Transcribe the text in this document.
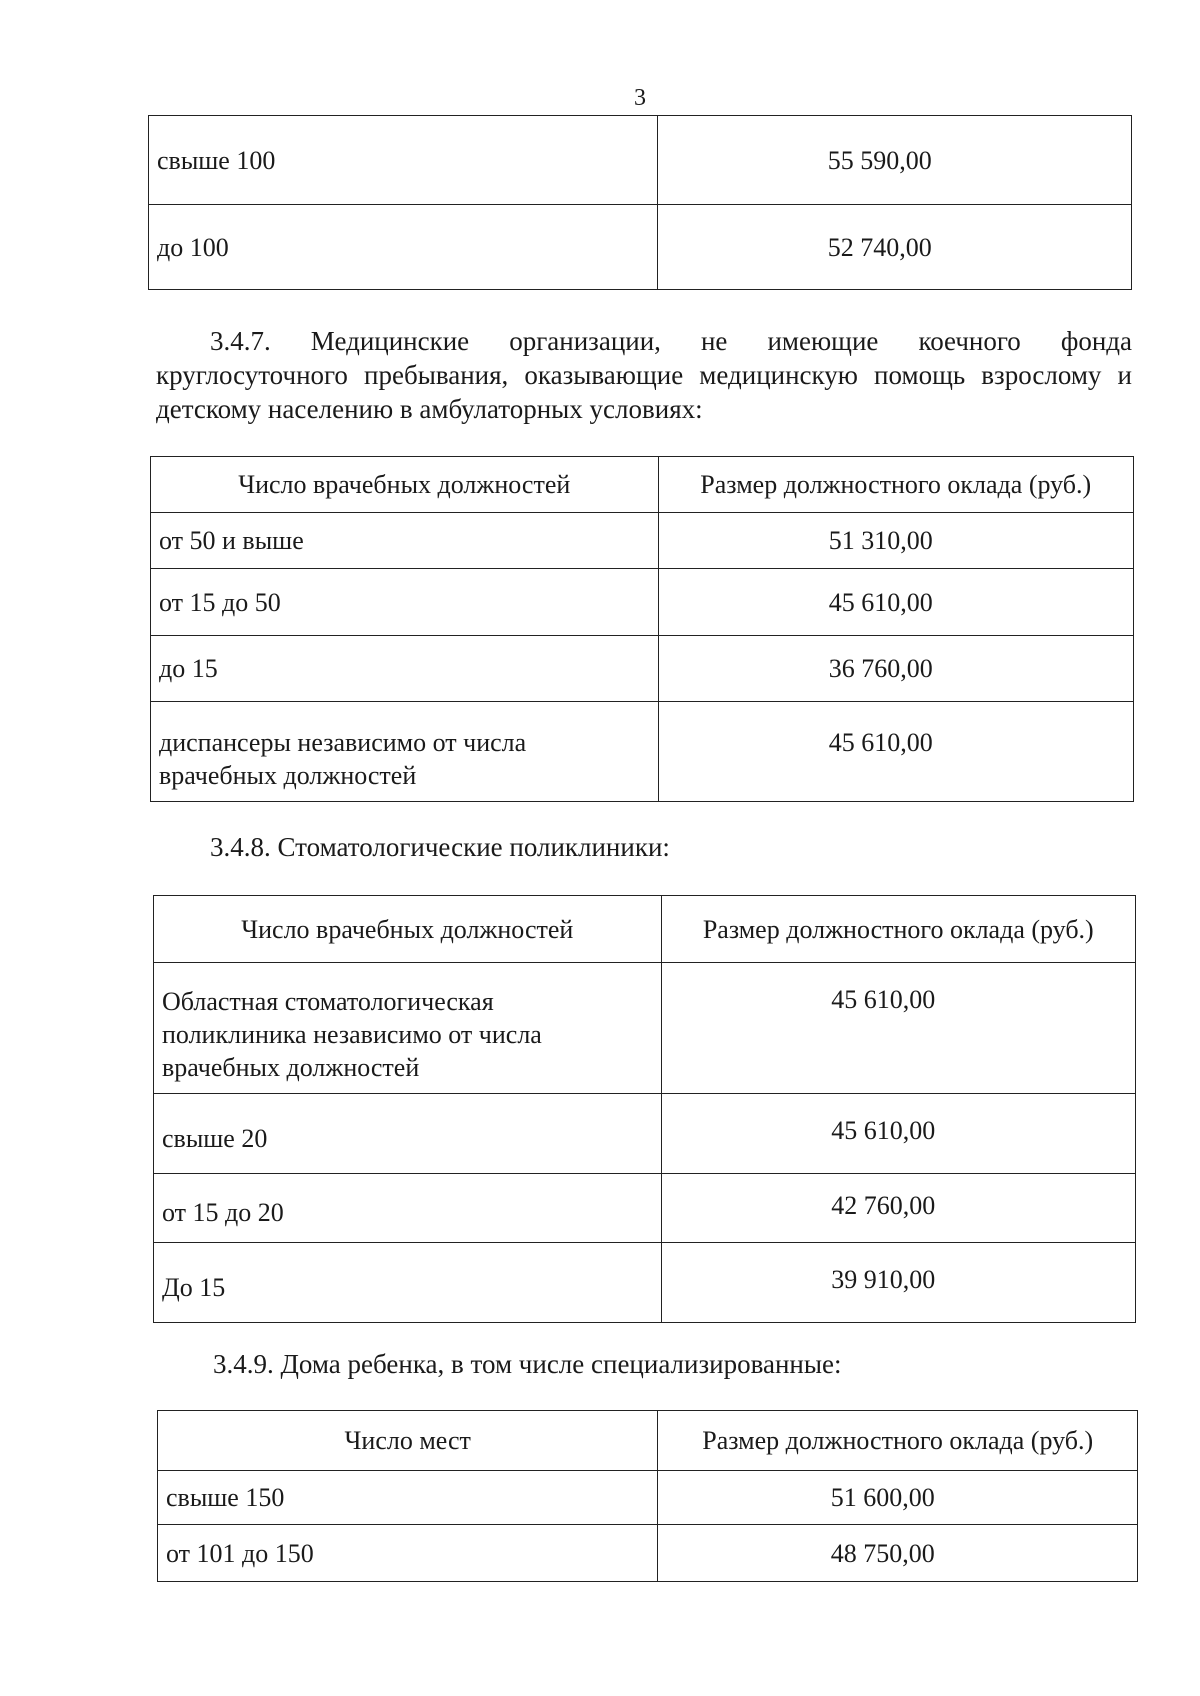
3
свыше 100	55 590,00
до 100	52 740,00
3.4.7. Медицинские организации, не имеющие коечного фонда
круглосуточного пребывания, оказывающие медицинскую помощь взрослому и детскому населению в амбулаторных условиях:
Число врачебных должностей	Размер должностного оклада (руб.)
от 50 и выше	51 310,00
от 15 до 50	45 610,00
до 15	36 760,00
диспансеры независимо от числа врачебных должностей	45 610,00
3.4.8. Стоматологические поликлиники:
Число врачебных должностей	Размер должностного оклада (руб.)
Областная стоматологическая поликлиника независимо от числа врачебных должностей	45 610,00
свыше 20	45 610,00
от 15 до 20	42 760,00
До 15	39 910,00
3.4.9. Дома ребенка, в том числе специализированные:
Число мест	Размер должностного оклада (руб.)
свыше 150	51 600,00
от 101 до 150	48 750,00
